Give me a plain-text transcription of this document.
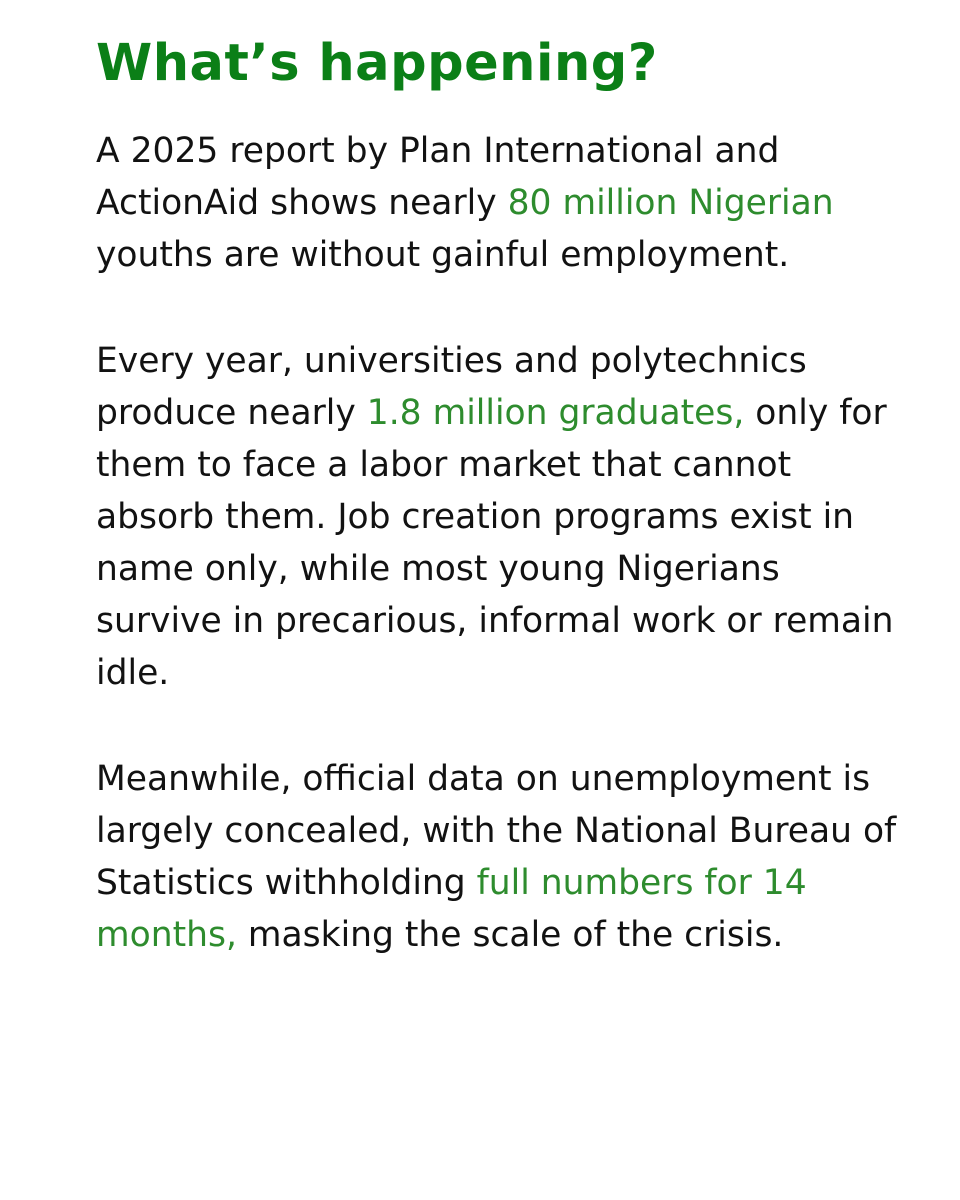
What’s happening?

A 2025 report by Plan International and ActionAid shows nearly 80 million Nigerian youths are without gainful employment.

Every year, universities and polytechnics produce nearly 1.8 million graduates, only for them to face a labor market that cannot absorb them. Job creation programs exist in name only, while most young Nigerians survive in precarious, informal work or remain idle.

Meanwhile, official data on unemployment is largely concealed, with the National Bureau of Statistics withholding full numbers for 14 months, masking the scale of the crisis.
